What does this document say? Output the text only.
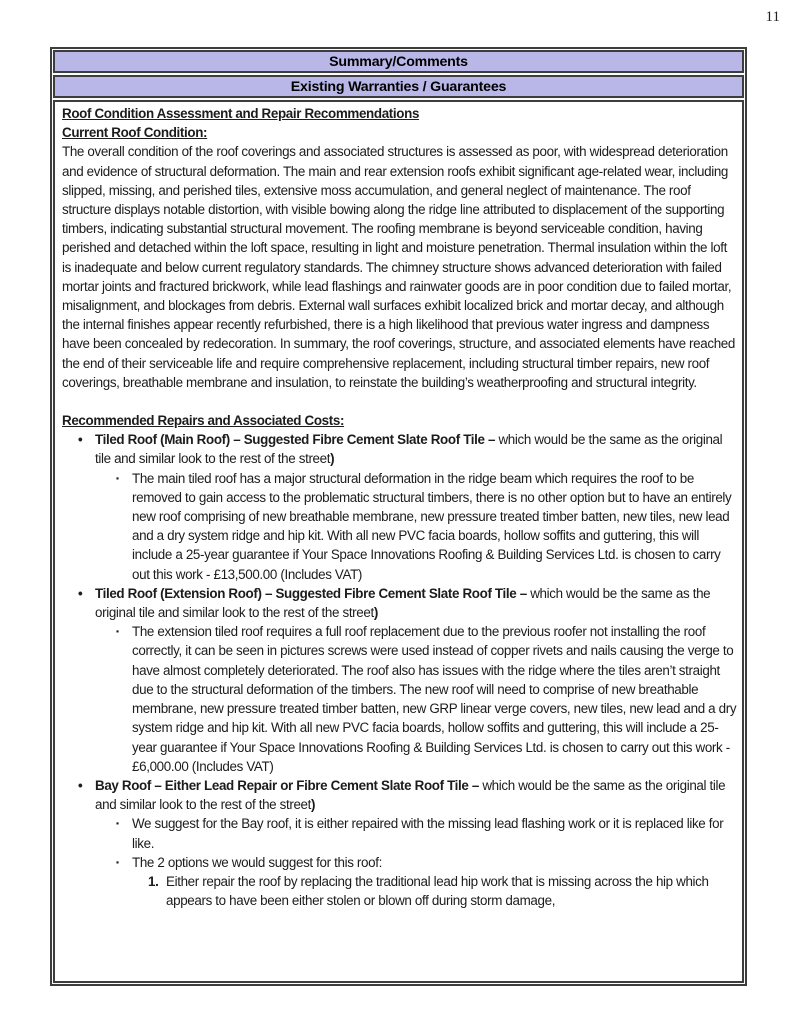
11
Summary/Comments
Existing Warranties / Guarantees
Roof Condition Assessment and Repair Recommendations
Current Roof Condition:
The overall condition of the roof coverings and associated structures is assessed as poor, with widespread deterioration and evidence of structural deformation. The main and rear extension roofs exhibit significant age-related wear, including slipped, missing, and perished tiles, extensive moss accumulation, and general neglect of maintenance. The roof structure displays notable distortion, with visible bowing along the ridge line attributed to displacement of the supporting timbers, indicating substantial structural movement. The roofing membrane is beyond serviceable condition, having perished and detached within the loft space, resulting in light and moisture penetration. Thermal insulation within the loft is inadequate and below current regulatory standards. The chimney structure shows advanced deterioration with failed mortar joints and fractured brickwork, while lead flashings and rainwater goods are in poor condition due to failed mortar, misalignment, and blockages from debris. External wall surfaces exhibit localized brick and mortar decay, and although the internal finishes appear recently refurbished, there is a high likelihood that previous water ingress and dampness have been concealed by redecoration. In summary, the roof coverings, structure, and associated elements have reached the end of their serviceable life and require comprehensive replacement, including structural timber repairs, new roof coverings, breathable membrane and insulation, to reinstate the building’s weatherproofing and structural integrity.
Recommended Repairs and Associated Costs:
• Tiled Roof (Main Roof) – Suggested Fibre Cement Slate Roof Tile – which would be the same as the original tile and similar look to the rest of the street)
▪ The main tiled roof has a major structural deformation in the ridge beam which requires the roof to be removed to gain access to the problematic structural timbers, there is no other option but to have an entirely new roof comprising of new breathable membrane, new pressure treated timber batten, new tiles, new lead and a dry system ridge and hip kit. With all new PVC facia boards, hollow soffits and guttering, this will include a 25-year guarantee if Your Space Innovations Roofing & Building Services Ltd. is chosen to carry out this work - £13,500.00 (Includes VAT)
• Tiled Roof (Extension Roof) – Suggested Fibre Cement Slate Roof Tile – which would be the same as the original tile and similar look to the rest of the street)
▪ The extension tiled roof requires a full roof replacement due to the previous roofer not installing the roof correctly, it can be seen in pictures screws were used instead of copper rivets and nails causing the verge to have almost completely deteriorated. The roof also has issues with the ridge where the tiles aren’t straight due to the structural deformation of the timbers. The new roof will need to comprise of new breathable membrane, new pressure treated timber batten, new GRP linear verge covers, new tiles, new lead and a dry system ridge and hip kit. With all new PVC facia boards, hollow soffits and guttering, this will include a 25-year guarantee if Your Space Innovations Roofing & Building Services Ltd. is chosen to carry out this work - £6,000.00 (Includes VAT)
• Bay Roof – Either Lead Repair or Fibre Cement Slate Roof Tile – which would be the same as the original tile and similar look to the rest of the street)
▪ We suggest for the Bay roof, it is either repaired with the missing lead flashing work or it is replaced like for like.
▪ The 2 options we would suggest for this roof:
1. Either repair the roof by replacing the traditional lead hip work that is missing across the hip which appears to have been either stolen or blown off during storm damage,
